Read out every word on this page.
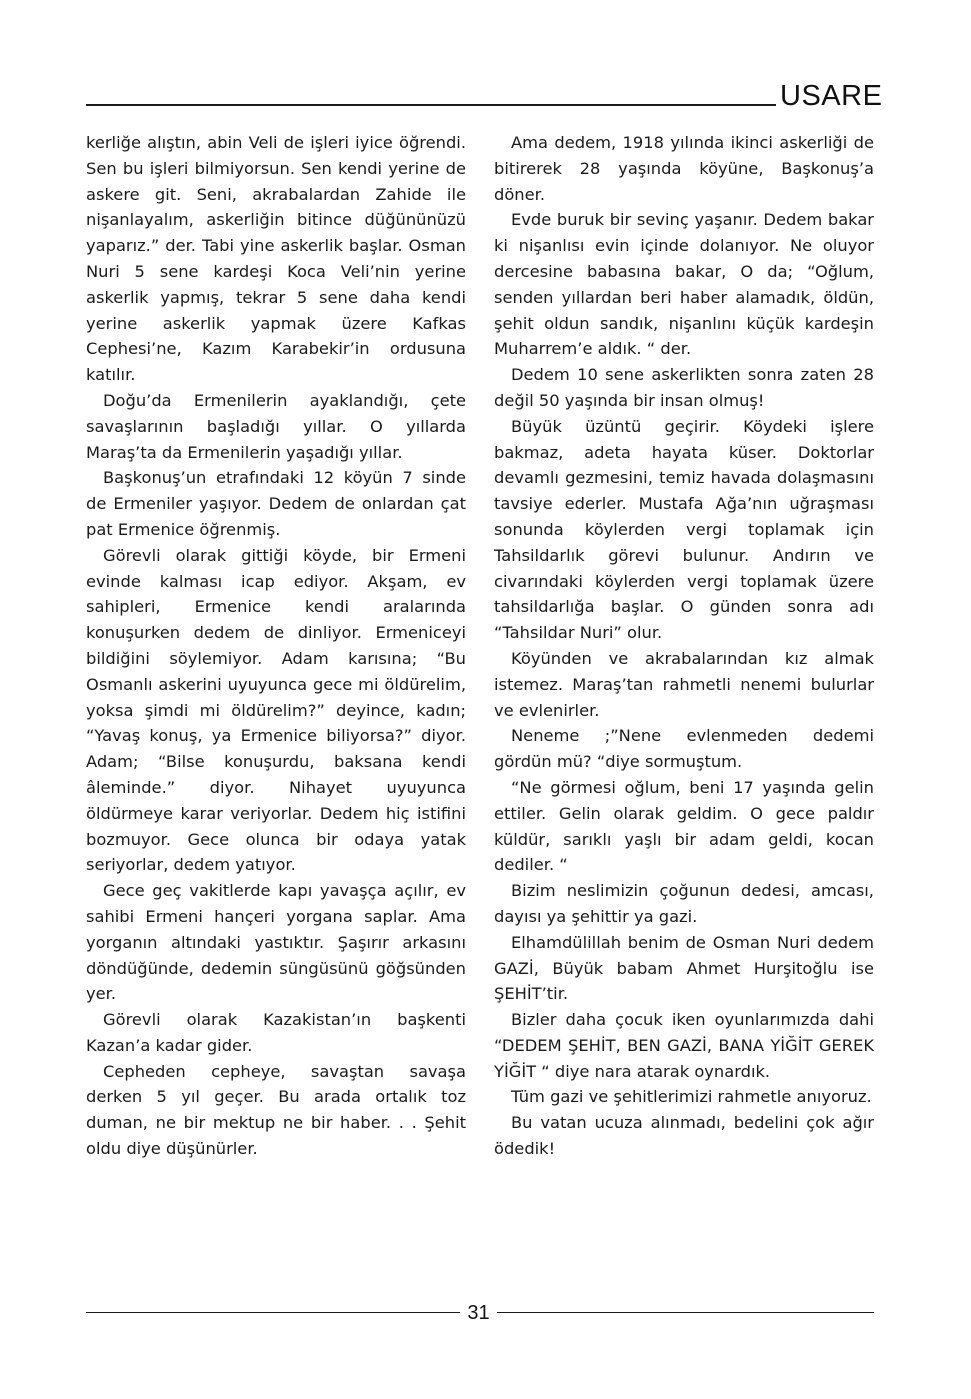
USARE

kerliğe alıştın, abin Veli de işleri iyice öğrendi. Sen bu işleri bilmiyorsun. Sen kendi yerine de askere git. Seni, akrabalardan Zahide ile nişanlayalım, askerliğin bitince düğününüzü yaparız.” der. Tabi yine askerlik başlar. Osman Nuri 5 sene kardeşi Koca Veli’nin yerine askerlik yapmış, tekrar 5 sene daha kendi yerine askerlik yapmak üzere Kafkas Cephesi’ne, Kazım Karabekir’in ordusuna katılır.

Doğu’da Ermenilerin ayaklandığı, çete savaşlarının başladığı yıllar. O yıllarda Maraş’ta da Ermenilerin yaşadığı yıllar.

Başkonuş’un etrafındaki 12 köyün 7 sinde de Ermeniler yaşıyor. Dedem de onlardan çat pat Ermenice öğrenmiş.

Görevli olarak gittiği köyde, bir Ermeni evinde kalması icap ediyor. Akşam, ev sahipleri, Ermenice kendi aralarında konuşurken dedem de dinliyor. Ermeniceyi bildiğini söylemiyor. Adam karısına; “Bu Osmanlı askerini uyuyunca gece mi öldürelim, yoksa şimdi mi öldürelim?” deyince, kadın; “Yavaş konuş, ya Ermenice biliyorsa?” diyor. Adam; “Bilse konuşurdu, baksana kendi âleminde.” diyor. Nihayet uyuyunca öldürmeye karar veriyorlar. Dedem hiç istifini bozmuyor. Gece olunca bir odaya yatak seriyorlar, dedem yatıyor.

Gece geç vakitlerde kapı yavaşça açılır, ev sahibi Ermeni hançeri yorgana saplar. Ama yorganın altındaki yastıktır. Şaşırır arkasını döndüğünde, dedemin süngüsünü göğsünden yer.

Görevli olarak Kazakistan’ın başkenti Kazan’a kadar gider.

Cepheden cepheye, savaştan savaşa derken 5 yıl geçer. Bu arada ortalık toz duman, ne bir mektup ne bir haber. . . Şehit oldu diye düşünürler.

Ama dedem, 1918 yılında ikinci askerliği de bitirerek 28 yaşında köyüne, Başkonuş’a döner.

Evde buruk bir sevinç yaşanır. Dedem bakar ki nişanlısı evin içinde dolanıyor. Ne oluyor dercesine babasına bakar, O da; “Oğlum, senden yıllardan beri haber alamadık, öldün, şehit oldun sandık, nişanlını küçük kardeşin Muharrem’e aldık. “ der.

Dedem 10 sene askerlikten sonra zaten 28 değil 50 yaşında bir insan olmuş!

Büyük üzüntü geçirir. Köydeki işlere bakmaz, adeta hayata küser. Doktorlar devamlı gezmesini, temiz havada dolaşmasını tavsiye ederler. Mustafa Ağa’nın uğraşması sonunda köylerden vergi toplamak için Tahsildarlık görevi bulunur. Andırın ve civarındaki köylerden vergi toplamak üzere tahsildarlığa başlar. O günden sonra adı “Tahsildar Nuri” olur.

Köyünden ve akrabalarından kız almak istemez. Maraş’tan rahmetli nenemi bulurlar ve evlenirler.

Neneme ;”Nene evlenmeden dedemi gördün mü? “diye sormuştum.

“Ne görmesi oğlum, beni 17 yaşında gelin ettiler. Gelin olarak geldim. O gece paldır küldür, sarıklı yaşlı bir adam geldi, kocan dediler. “

Bizim neslimizin çoğunun dedesi, amcası, dayısı ya şehittir ya gazi.

Elhamdülillah benim de Osman Nuri dedem GAZİ, Büyük babam Ahmet Hurşitoğlu ise ŞEHİT’tir.

Bizler daha çocuk iken oyunlarımızda dahi “DEDEM ŞEHİT, BEN GAZİ, BANA YİĞİT GEREK YİĞİT “ diye nara atarak oynardık.

Tüm gazi ve şehitlerimizi rahmetle anıyoruz.

Bu vatan ucuza alınmadı, bedelini çok ağır ödedik!

31
